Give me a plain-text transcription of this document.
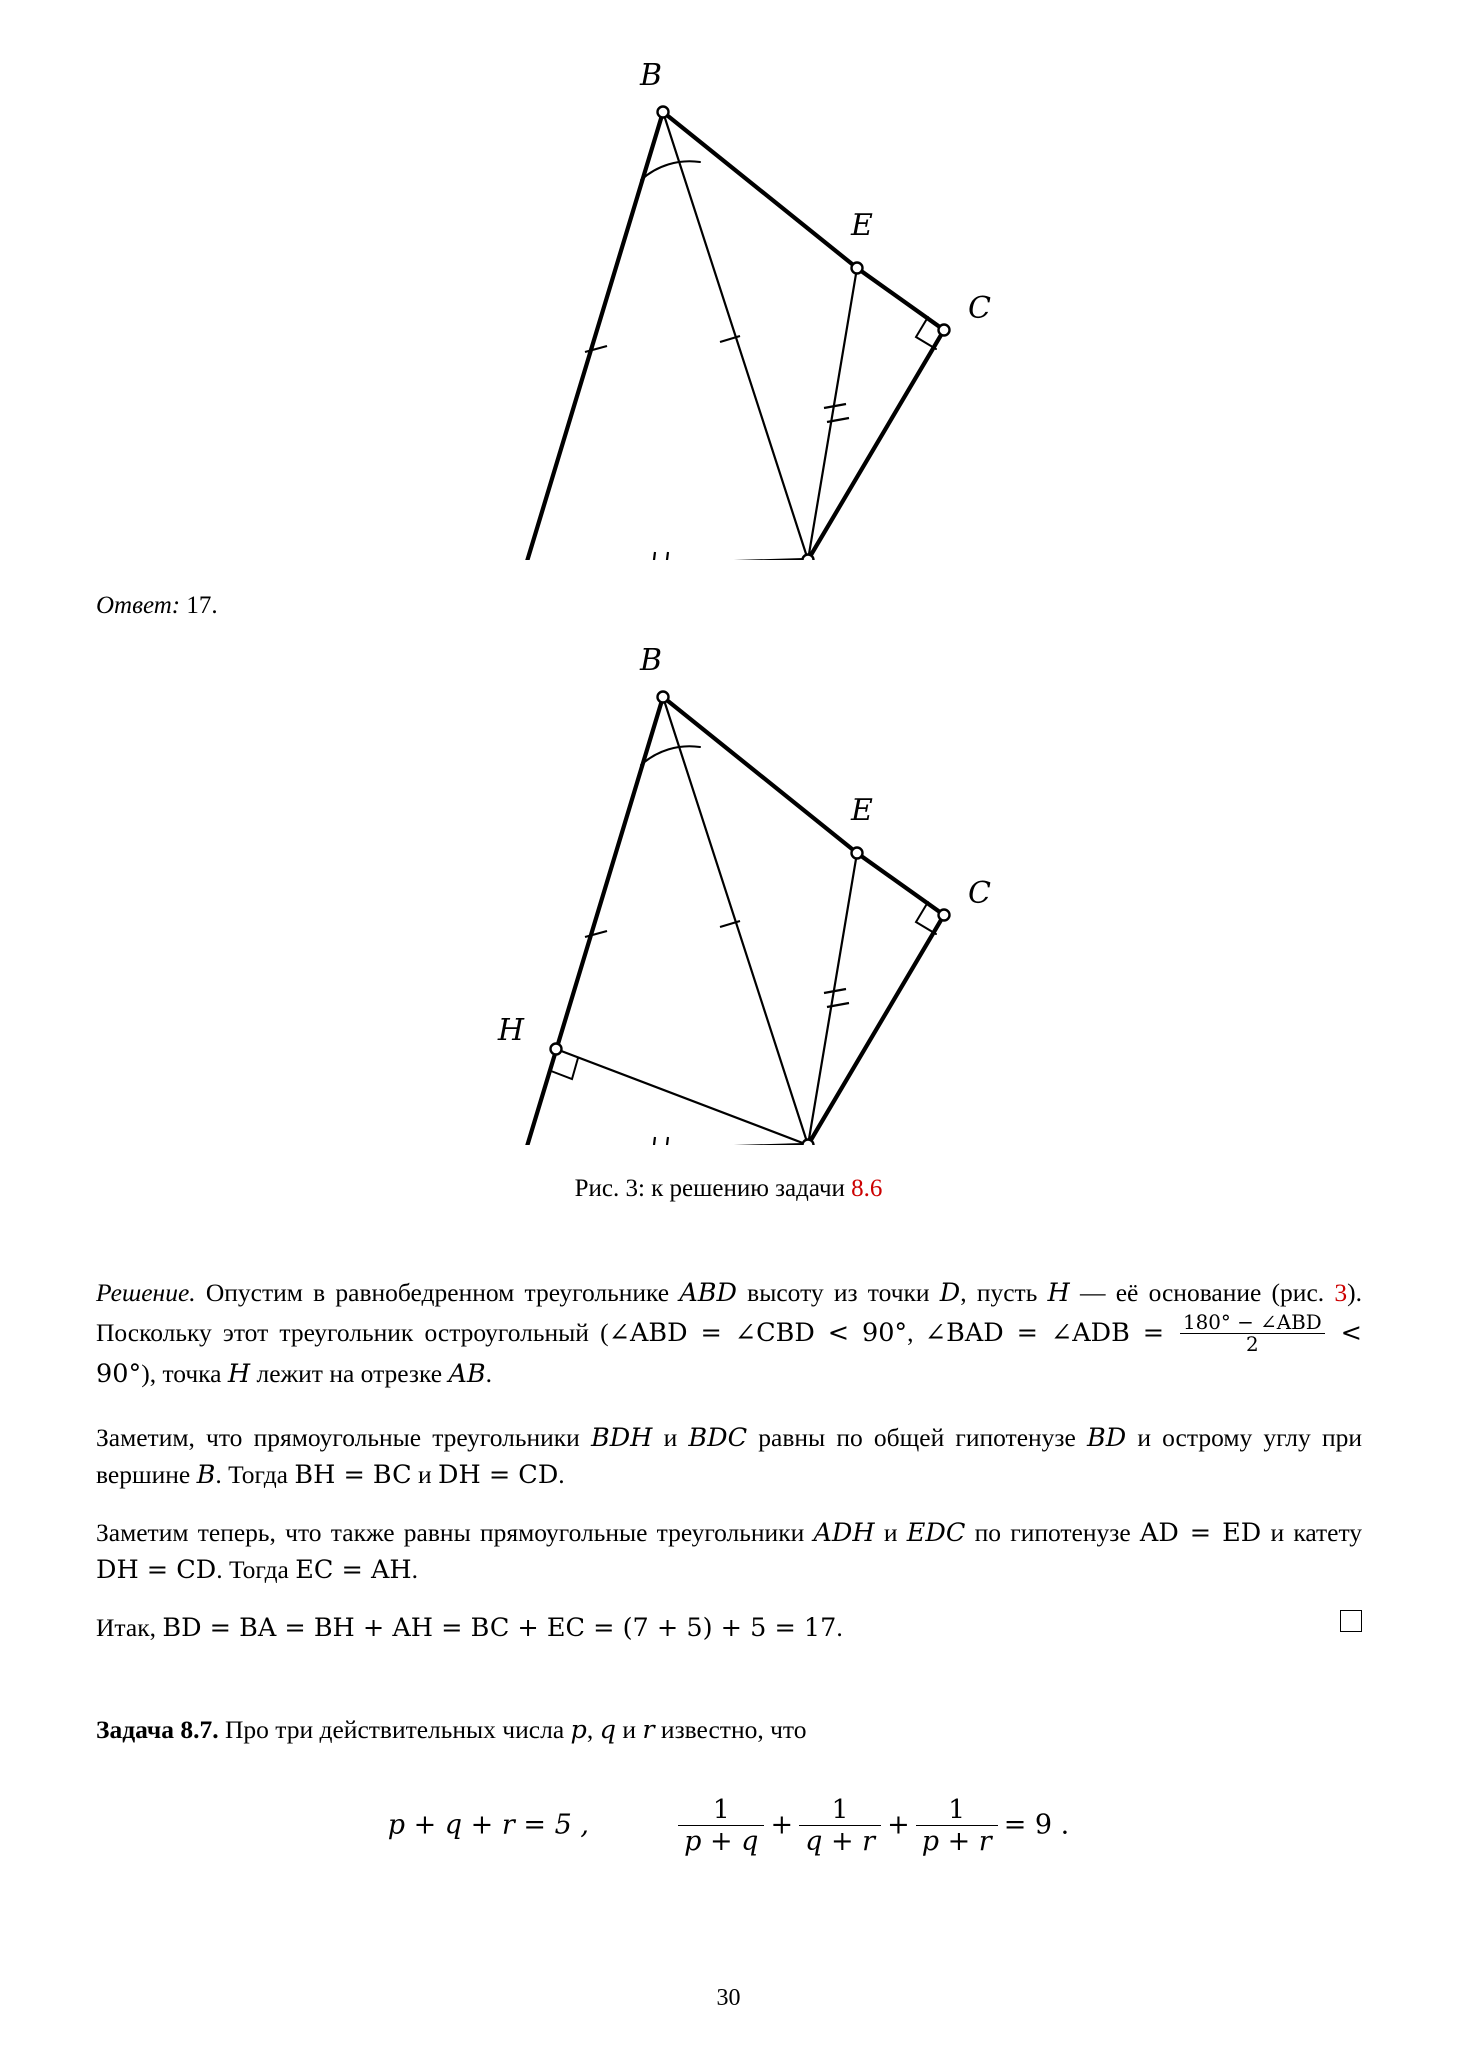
B
E
C
Ответ: 17.
B
E
C
H
Рис. 3: к решению задачи 8.6
Решение. Опустим в равнобедренном треугольнике ABD высоту из точки D, пусть H — её основание (рис. 3). Поскольку этот треугольник остроугольный (∠ABD = ∠CBD < 90°, ∠BAD = ∠ADB = $\frac{\text{180° − ∠ABD}}{2} < 90^\circ$), точка H лежит на отрезке AB.
Заметим, что прямоугольные треугольники BDH и BDC равны по общей гипотенузе BD и острому углу при вершине B. Тогда BH = BC и DH = CD.
Заметим теперь, что также равны прямоугольные треугольники ADH и EDC по гипотенузе AD = ED и катету DH = CD. Тогда EC = AH.
Итак, BD = BA = BH + AH = BC + EC = (7 + 5) + 5 = 17.
Задача 8.7. Про три действительных числа p, q и r известно, что
p + q + r = 5 ,	$\frac{1}{p + q} + \frac{1}{q + r} + \frac{1}{p + r} = 9$ .
30
